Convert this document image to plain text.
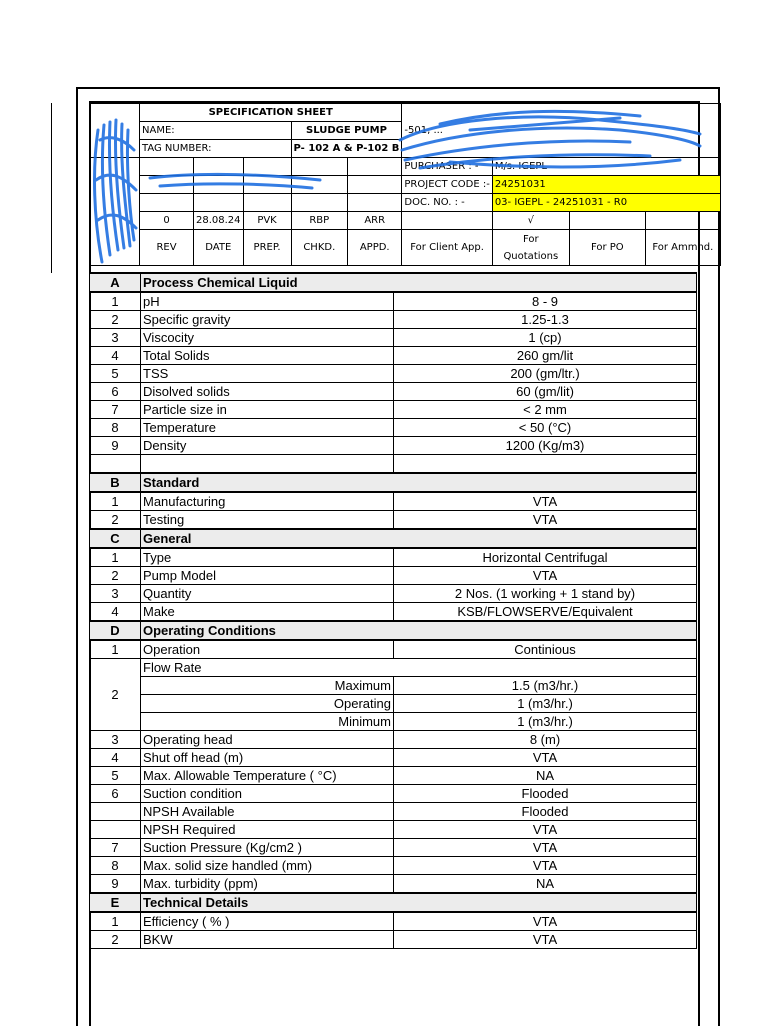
	SPECIFICATION SHEET					-501, ...			
	NAME:			SLUDGE PUMP					
	TAG NUMBER:			P- 102 A & P-102 B					
						PURCHASER : -	M/s. IGEPL		
						PROJECT CODE :-	24251031		
						DOC. NO. : -	03- IGEPL - 24251031 - R0		
	0	28.08.24	PVK	RBP	ARR		√		
	REV	DATE	PREP.	CHKD.	APPD.	For Client App.	For Quotations	For PO	For Ammnd.
A	Process Chemical Liquid	
1	pH	8 - 9
2	Specific gravity	1.25-1.3
3	Viscocity	1 (cp)
4	Total Solids	260 gm/lit
5	TSS	200 (gm/ltr.)
6	Disolved solids	60 (gm/lit)
7	Particle size in	< 2 mm
8	Temperature	< 50 (°C)
9	Density	1200 (Kg/m3)

B	Standard	
1	Manufacturing	VTA
2	Testing	VTA
C	General	
1	Type	Horizontal Centrifugal
2	Pump Model	VTA
3	Quantity	2 Nos. (1 working + 1 stand by)
4	Make	KSB/FLOWSERVE/Equivalent
D	Operating Conditions	
1	Operation	Continious
2	Flow Rate	
	Maximum	1.5 (m3/hr.)
	Operating	1 (m3/hr.)
	Minimum	1 (m3/hr.)
3	Operating head	8 (m)
4	Shut off head (m)	VTA
5	Max. Allowable Temperature ( °C)	NA
6	Suction condition	Flooded
	NPSH Available	Flooded
	NPSH Required	VTA
7	Suction Pressure (Kg/cm2 )	VTA
8	Max. solid size handled (mm)	VTA
9	Max. turbidity (ppm)	NA
E	Technical Details	
1	Efficiency ( % )	VTA
2	BKW	VTA
